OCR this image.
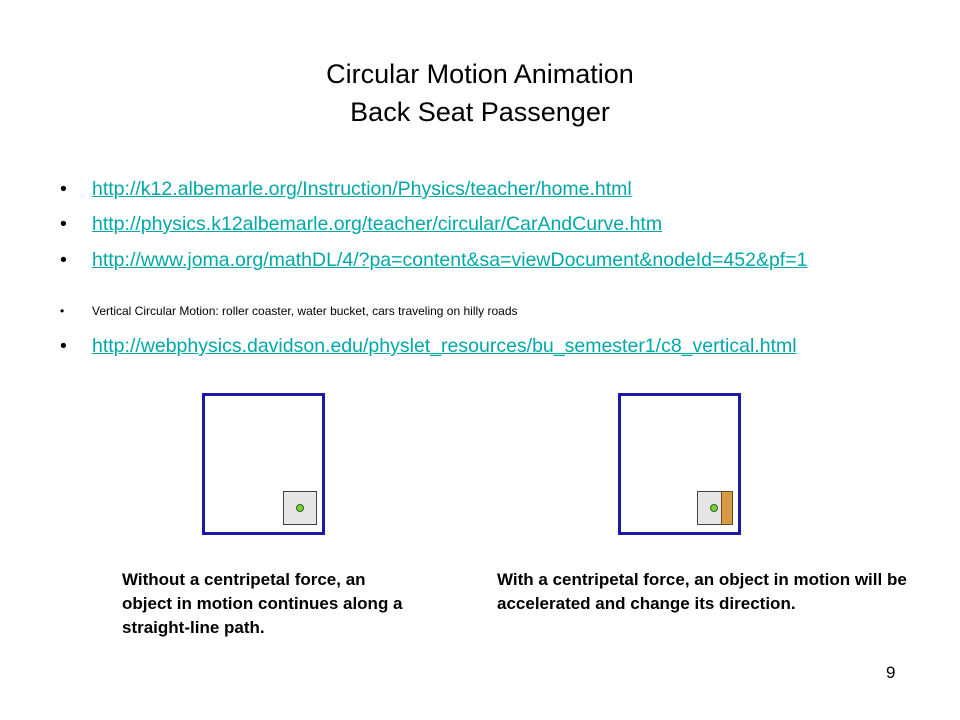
Circular Motion Animation
Back Seat Passenger
• http://k12.albemarle.org/Instruction/Physics/teacher/home.html
• http://physics.k12albemarle.org/teacher/circular/CarAndCurve.htm
• http://www.joma.org/mathDL/4/?pa=content&sa=viewDocument&nodeId=452&pf=1
• Vertical Circular Motion: roller coaster, water bucket, cars traveling on hilly roads
• http://webphysics.davidson.edu/physlet_resources/bu_semester1/c8_vertical.html
Without a centripetal force, an object in motion continues along a straight-line path.
With a centripetal force, an object in motion will be accelerated and change its direction.
9
